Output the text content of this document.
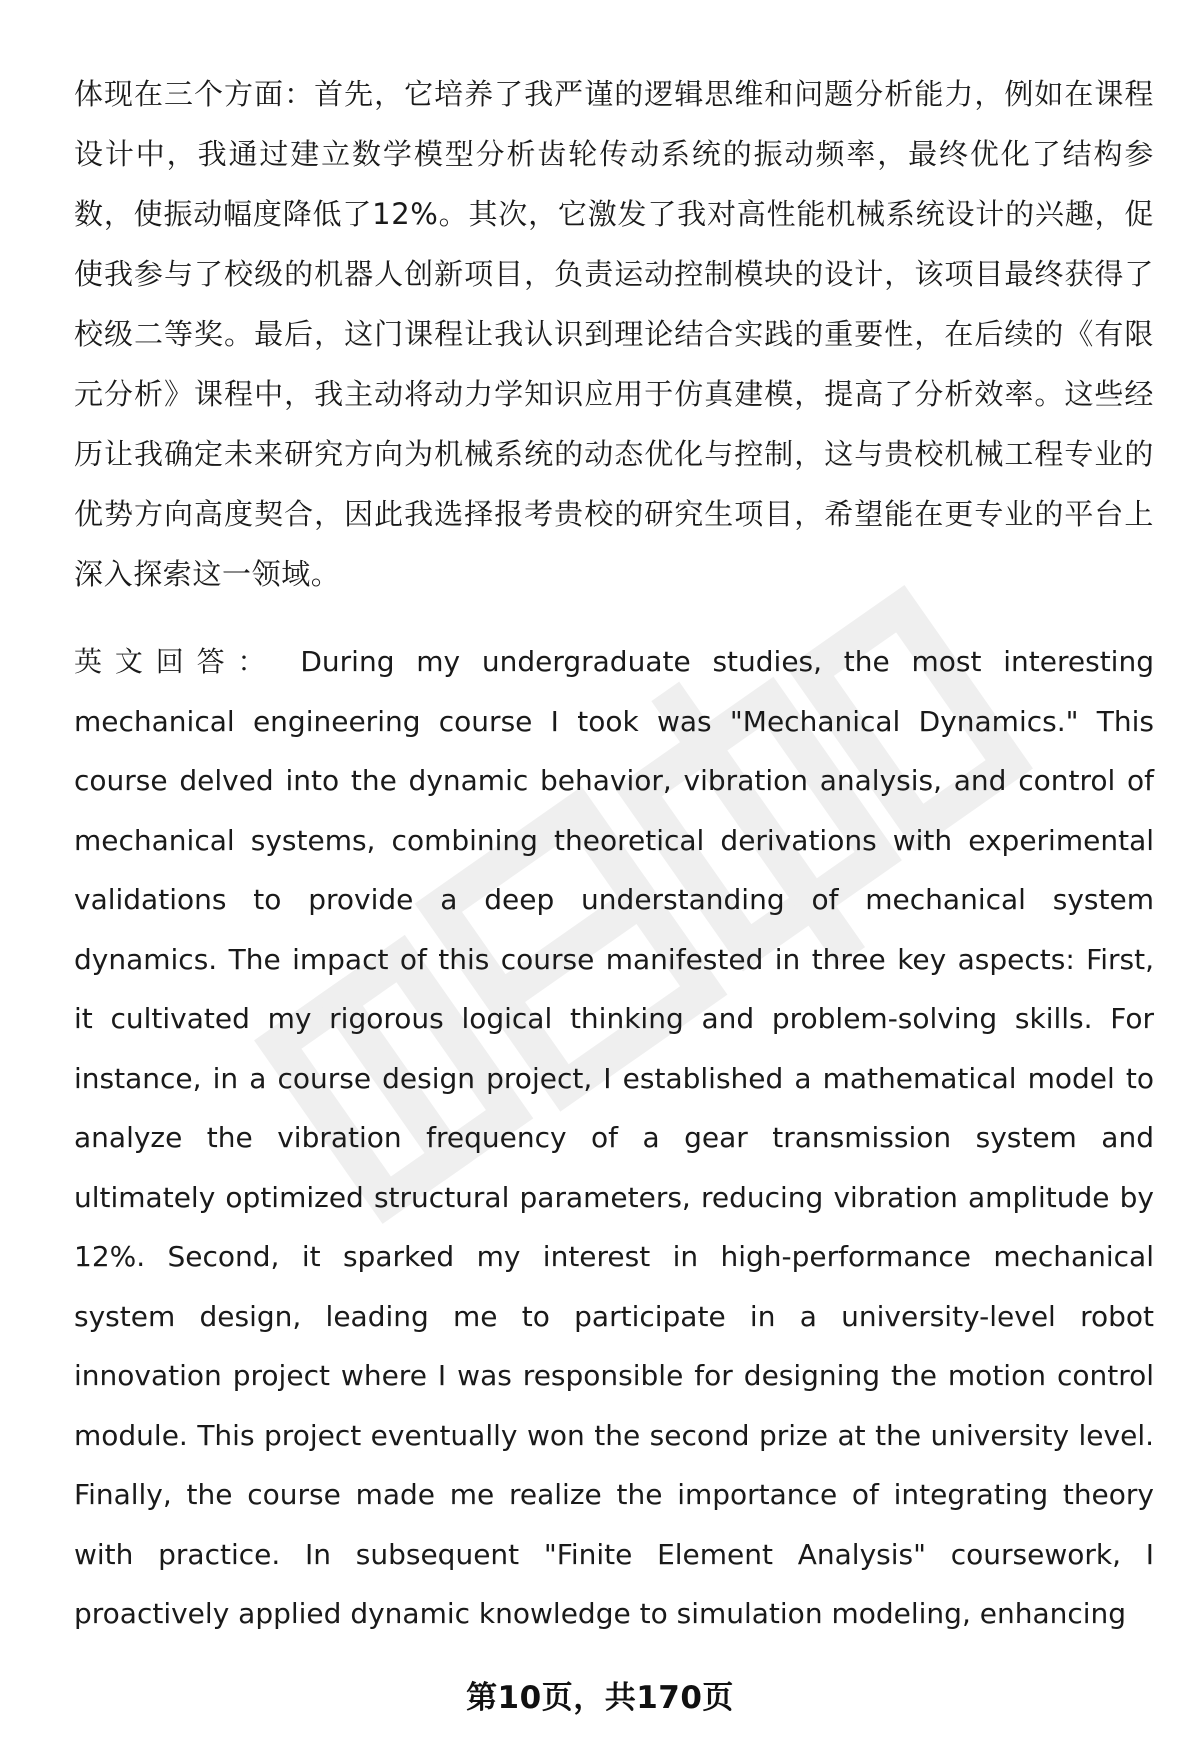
体现在三个方面：首先，它培养了我严谨的逻辑思维和问题分析能力，例如在课程设计中，我通过建立数学模型分析齿轮传动系统的振动频率，最终优化了结构参数，使振动幅度降低了12%。其次，它激发了我对高性能机械系统设计的兴趣，促使我参与了校级的机器人创新项目，负责运动控制模块的设计，该项目最终获得了校级二等奖。最后，这门课程让我认识到理论结合实践的重要性，在后续的《有限元分析》课程中，我主动将动力学知识应用于仿真建模，提高了分析效率。这些经历让我确定未来研究方向为机械系统的动态优化与控制，这与贵校机械工程专业的优势方向高度契合，因此我选择报考贵校的研究生项目，希望能在更专业的平台上深入探索这一领域。

英文回答： During my undergraduate studies, the most interesting mechanical engineering course I took was "Mechanical Dynamics." This course delved into the dynamic behavior, vibration analysis, and control of mechanical systems, combining theoretical derivations with experimental validations to provide a deep understanding of mechanical system dynamics. The impact of this course manifested in three key aspects: First, it cultivated my rigorous logical thinking and problem-solving skills. For instance, in a course design project, I established a mathematical model to analyze the vibration frequency of a gear transmission system and ultimately optimized structural parameters, reducing vibration amplitude by 12%. Second, it sparked my interest in high-performance mechanical system design, leading me to participate in a university-level robot innovation project where I was responsible for designing the motion control module. This project eventually won the second prize at the university level. Finally, the course made me realize the importance of integrating theory with practice. In subsequent "Finite Element Analysis" coursework, I proactively applied dynamic knowledge to simulation modeling, enhancing

第10页，共170页
